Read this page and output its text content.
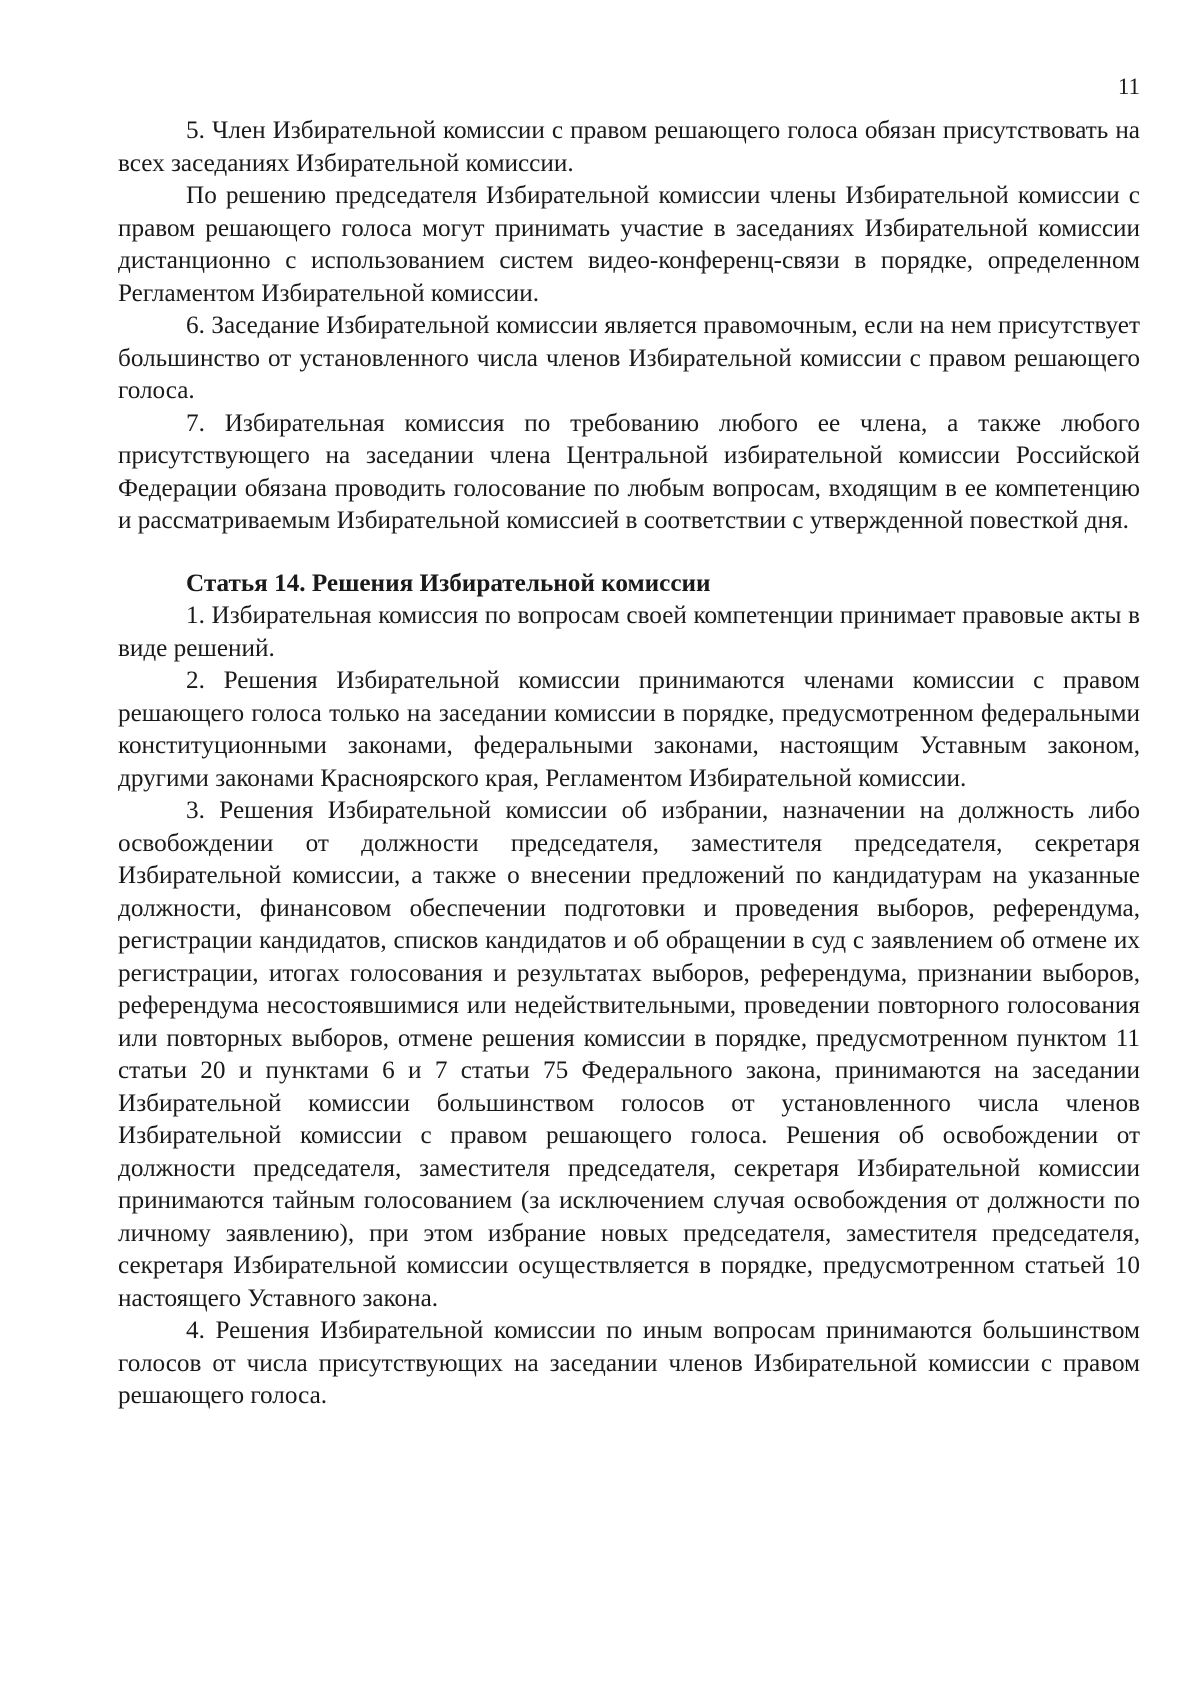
11

5. Член Избирательной комиссии с правом решающего голоса обязан присутствовать на всех заседаниях Избирательной комиссии.

По решению председателя Избирательной комиссии члены Избирательной комиссии с правом решающего голоса могут принимать участие в заседаниях Избирательной комиссии дистанционно с использованием систем видео-конференц-связи в порядке, определенном Регламентом Избирательной комиссии.

6. Заседание Избирательной комиссии является правомочным, если на нем присутствует большинство от установленного числа членов Избирательной комиссии с правом решающего голоса.

7. Избирательная комиссия по требованию любого ее члена, а также любого присутствующего на заседании члена Центральной избирательной комиссии Российской Федерации обязана проводить голосование по любым вопросам, входящим в ее компетенцию и рассматриваемым Избирательной комиссией в соответствии с утвержденной повесткой дня.

Статья 14. Решения Избирательной комиссии

1. Избирательная комиссия по вопросам своей компетенции принимает правовые акты в виде решений.

2. Решения Избирательной комиссии принимаются членами комиссии с правом решающего голоса только на заседании комиссии в порядке, предусмотренном федеральными конституционными законами, федеральными законами, настоящим Уставным законом, другими законами Красноярского края, Регламентом Избирательной комиссии.

3. Решения Избирательной комиссии об избрании, назначении на должность либо освобождении от должности председателя, заместителя председателя, секретаря Избирательной комиссии, а также о внесении предложений по кандидатурам на указанные должности, финансовом обеспечении подготовки и проведения выборов, референдума, регистрации кандидатов, списков кандидатов и об обращении в суд с заявлением об отмене их регистрации, итогах голосования и результатах выборов, референдума, признании выборов, референдума несостоявшимися или недействительными, проведении повторного голосования или повторных выборов, отмене решения комиссии в порядке, предусмотренном пунктом 11 статьи 20 и пунктами 6 и 7 статьи 75 Федерального закона, принимаются на заседании Избирательной комиссии большинством голосов от установленного числа членов Избирательной комиссии с правом решающего голоса. Решения об освобождении от должности председателя, заместителя председателя, секретаря Избирательной комиссии принимаются тайным голосованием (за исключением случая освобождения от должности по личному заявлению), при этом избрание новых председателя, заместителя председателя, секретаря Избирательной комиссии осуществляется в порядке, предусмотренном статьей 10 настоящего Уставного закона.

4. Решения Избирательной комиссии по иным вопросам принимаются большинством голосов от числа присутствующих на заседании членов Избирательной комиссии с правом решающего голоса.
